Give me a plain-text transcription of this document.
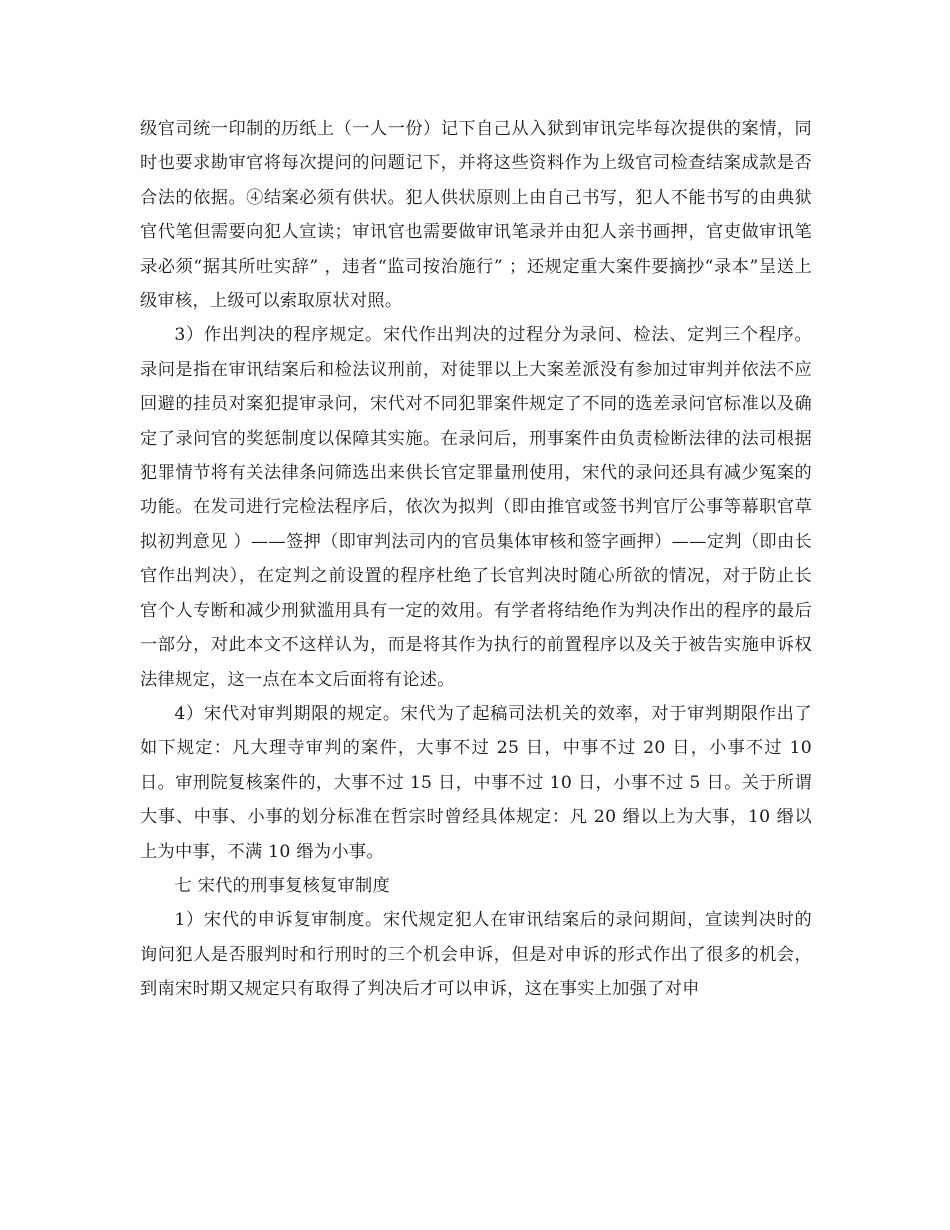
级官司统一印制的历纸上（一人一份）记下自己从入狱到审讯完毕每次提供的案情，同时也要求勘审官将每次提问的问题记下，并将这些资料作为上级官司检查结案成款是否合法的依据。④结案必须有供状。犯人供状原则上由自己书写，犯人不能书写的由典狱官代笔但需要向犯人宣读；审讯官也需要做审讯笔录并由犯人亲书画押，官吏做审讯笔录必须“据其所吐实辞” ，违者“监司按治施行” ；还规定重大案件要摘抄“录本”呈送上级审核，上级可以索取原状对照。

3）作出判决的程序规定。宋代作出判决的过程分为录问、检法、定判三个程序。录问是指在审讯结案后和检法议刑前，对徒罪以上大案差派没有参加过审判并依法不应回避的挂员对案犯提审录问，宋代对不同犯罪案件规定了不同的选差录问官标准以及确定了录问官的奖惩制度以保障其实施。在录问后，刑事案件由负责检断法律的法司根据犯罪情节将有关法律条问筛选出来供长官定罪量刑使用，宋代的录问还具有减少冤案的功能。在发司进行完检法程序后，依次为拟判（即由推官或签书判官厅公事等幕职官草拟初判意见 ）——签押（即审判法司内的官员集体审核和签字画押）——定判（即由长官作出判决），在定判之前设置的程序杜绝了长官判决时随心所欲的情况，对于防止长官个人专断和减少刑狱滥用具有一定的效用。有学者将结绝作为判决作出的程序的最后一部分，对此本文不这样认为，而是将其作为执行的前置程序以及关于被告实施申诉权法律规定，这一点在本文后面将有论述。

4）宋代对审判期限的规定。宋代为了起稿司法机关的效率，对于审判期限作出了如下规定：凡大理寺审判的案件，大事不过 25 日，中事不过 20 日，小事不过 10 日。审刑院复核案件的，大事不过 15 日，中事不过 10 日，小事不过 5 日。关于所谓大事、中事、小事的划分标准在哲宗时曾经具体规定：凡 20 缗以上为大事，10 缗以上为中事，不满 10 缗为小事。

七 宋代的刑事复核复审制度

1）宋代的申诉复审制度。宋代规定犯人在审讯结案后的录问期间，宣读判决时的询问犯人是否服判时和行刑时的三个机会申诉，但是对申诉的形式作出了很多的机会，到南宋时期又规定只有取得了判决后才可以申诉，这在事实上加强了对申
